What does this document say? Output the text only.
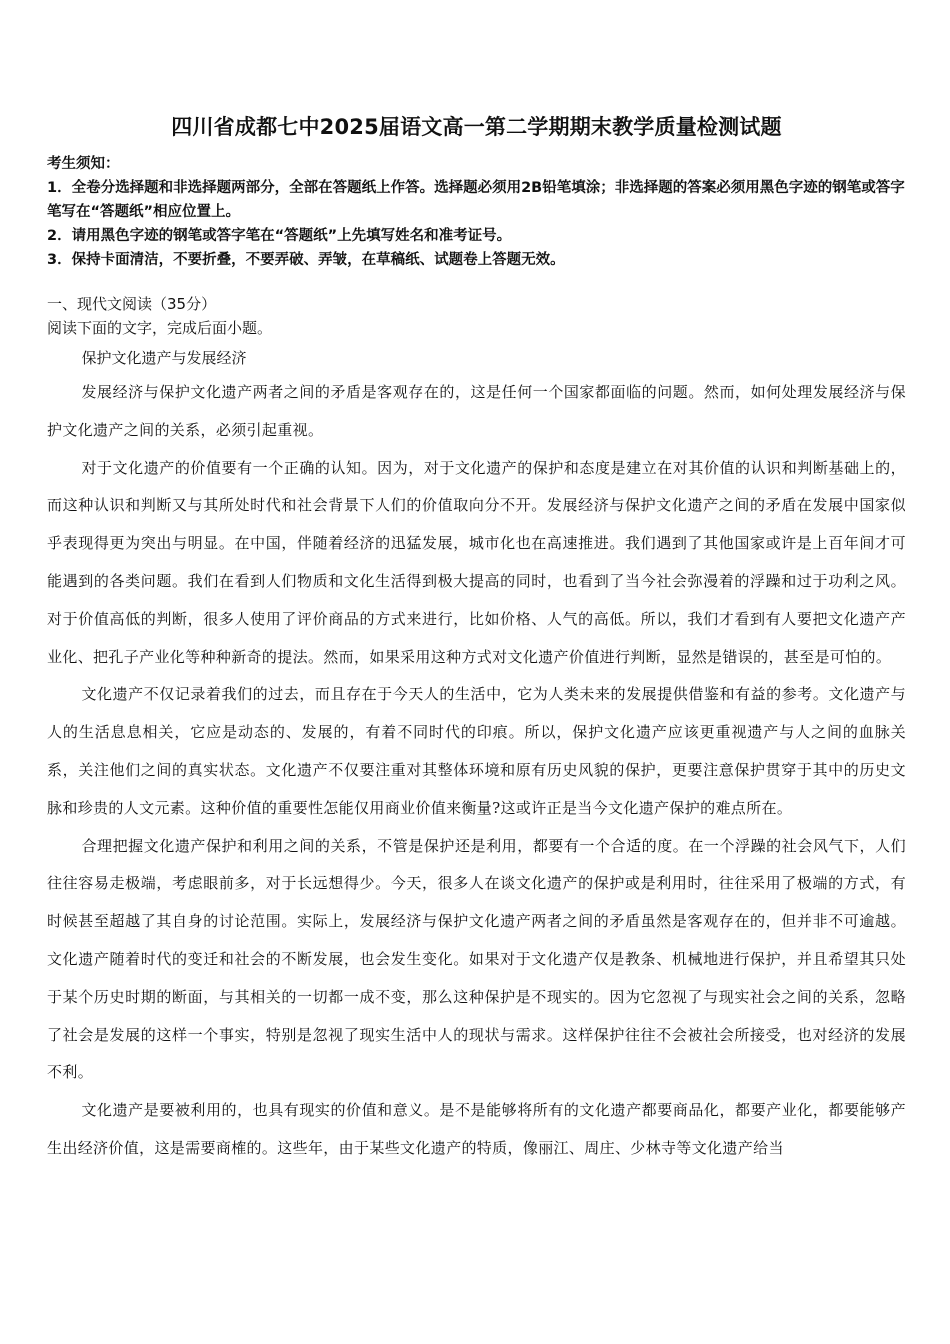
四川省成都七中2025届语文高一第二学期期末教学质量检测试题

考生须知：

1．全卷分选择题和非选择题两部分，全部在答题纸上作答。选择题必须用2B铅笔填涂；非选择题的答案必须用黑色字迹的钢笔或答字笔写在“答题纸”相应位置上。

2．请用黑色字迹的钢笔或答字笔在“答题纸”上先填写姓名和准考证号。

3．保持卡面清洁，不要折叠，不要弄破、弄皱，在草稿纸、试题卷上答题无效。

一、现代文阅读（35分）

阅读下面的文字，完成后面小题。

保护文化遗产与发展经济

发展经济与保护文化遗产两者之间的矛盾是客观存在的，这是任何一个国家都面临的问题。然而，如何处理发展经济与保护文化遗产之间的关系，必须引起重视。

对于文化遗产的价值要有一个正确的认知。因为，对于文化遗产的保护和态度是建立在对其价值的认识和判断基础上的，而这种认识和判断又与其所处时代和社会背景下人们的价值取向分不开。发展经济与保护文化遗产之间的矛盾在发展中国家似乎表现得更为突出与明显。在中国，伴随着经济的迅猛发展，城市化也在高速推进。我们遇到了其他国家或许是上百年间才可能遇到的各类问题。我们在看到人们物质和文化生活得到极大提高的同时，也看到了当今社会弥漫着的浮躁和过于功利之风。对于价值高低的判断，很多人使用了评价商品的方式来进行，比如价格、人气的高低。所以，我们才看到有人要把文化遗产产业化、把孔子产业化等种种新奇的提法。然而，如果采用这种方式对文化遗产价值进行判断，显然是错误的，甚至是可怕的。

文化遗产不仅记录着我们的过去，而且存在于今天人的生活中，它为人类未来的发展提供借鉴和有益的参考。文化遗产与人的生活息息相关，它应是动态的、发展的，有着不同时代的印痕。所以，保护文化遗产应该更重视遗产与人之间的血脉关系，关注他们之间的真实状态。文化遗产不仅要注重对其整体环境和原有历史风貌的保护，更要注意保护贯穿于其中的历史文脉和珍贵的人文元素。这种价值的重要性怎能仅用商业价值来衡量?这或许正是当今文化遗产保护的难点所在。

合理把握文化遗产保护和利用之间的关系，不管是保护还是利用，都要有一个合适的度。在一个浮躁的社会风气下，人们往往容易走极端，考虑眼前多，对于长远想得少。今天，很多人在谈文化遗产的保护或是利用时，往往采用了极端的方式，有时候甚至超越了其自身的讨论范围。实际上，发展经济与保护文化遗产两者之间的矛盾虽然是客观存在的，但并非不可逾越。文化遗产随着时代的变迁和社会的不断发展，也会发生变化。如果对于文化遗产仅是教条、机械地进行保护，并且希望其只处于某个历史时期的断面，与其相关的一切都一成不变，那么这种保护是不现实的。因为它忽视了与现实社会之间的关系，忽略了社会是发展的这样一个事实，特别是忽视了现实生活中人的现状与需求。这样保护往往不会被社会所接受，也对经济的发展不利。

文化遗产是要被利用的，也具有现实的价值和意义。是不是能够将所有的文化遗产都要商品化，都要产业化，都要能够产生出经济价值，这是需要商榷的。这些年，由于某些文化遗产的特质，像丽江、周庄、少林寺等文化遗产给当
